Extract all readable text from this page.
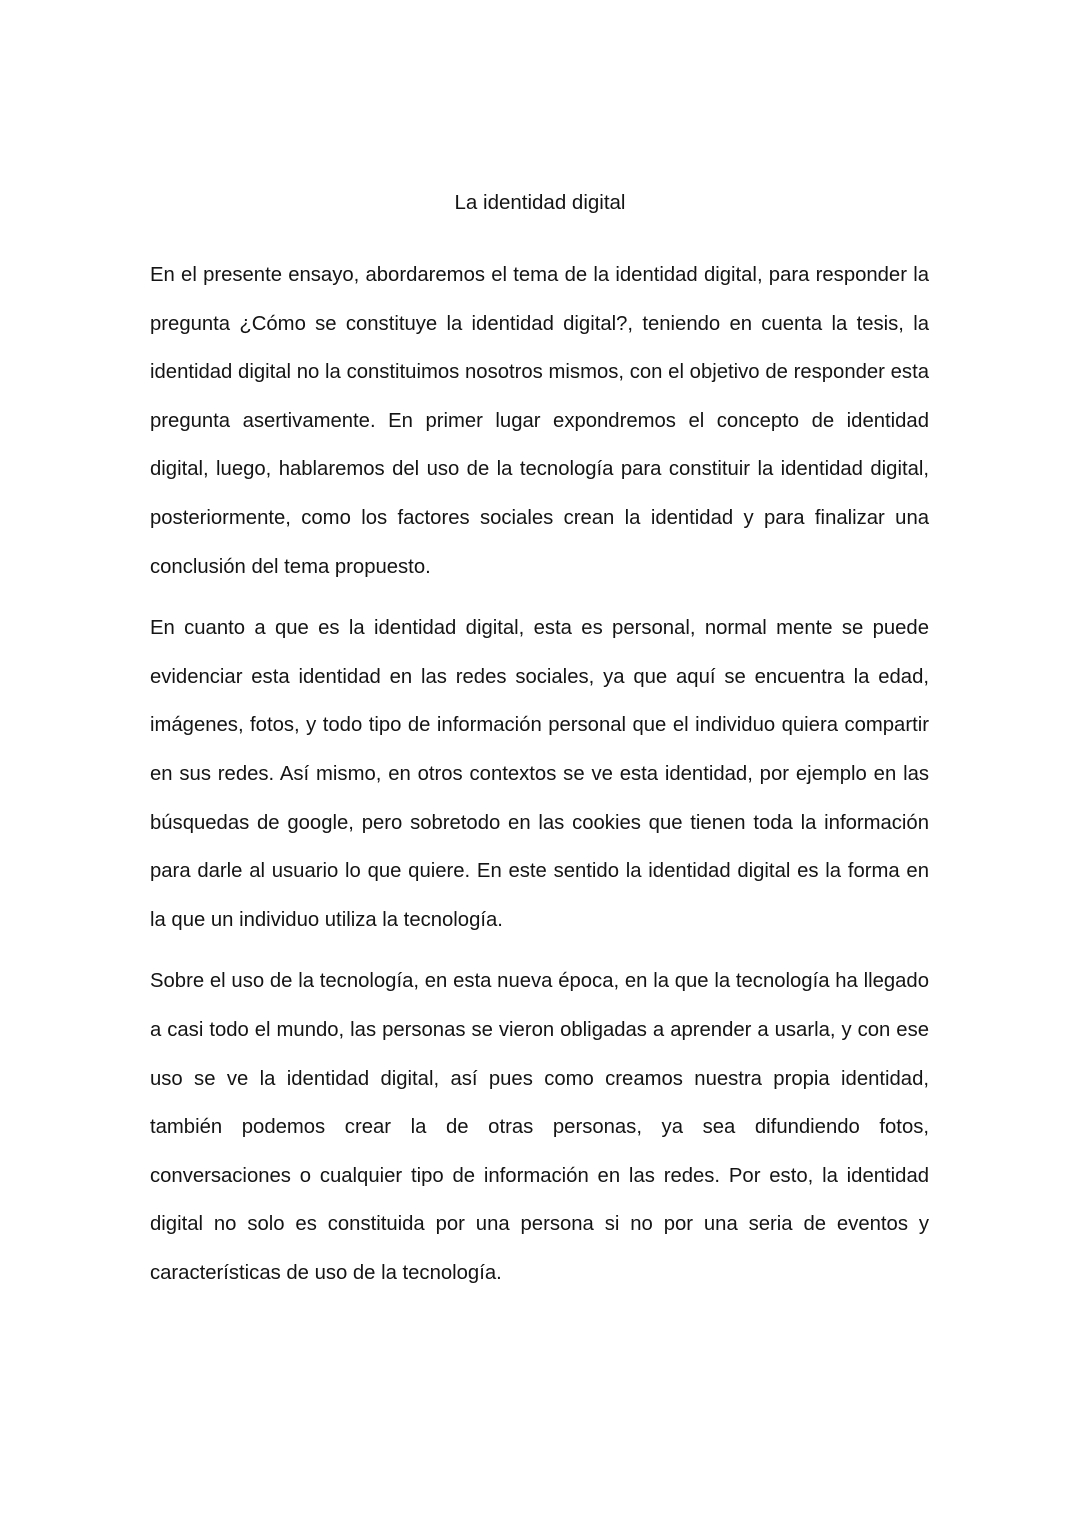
La identidad digital

En el presente ensayo, abordaremos el tema de la identidad digital, para responder la pregunta ¿Cómo se constituye la identidad digital?, teniendo en cuenta la tesis, la identidad digital no la constituimos nosotros mismos, con el objetivo de responder esta pregunta asertivamente. En primer lugar expondremos el concepto de identidad digital, luego, hablaremos del uso de la tecnología para constituir la identidad digital, posteriormente, como los factores sociales crean la identidad y para finalizar una conclusión del tema propuesto.

En cuanto a que es la identidad digital, esta es personal, normal mente se puede evidenciar esta identidad en las redes sociales, ya que aquí se encuentra la edad, imágenes, fotos, y todo tipo de información personal que el individuo quiera compartir en sus redes. Así mismo, en otros contextos se ve esta identidad, por ejemplo en las búsquedas de google, pero sobretodo en las cookies que tienen toda la información para darle al usuario lo que quiere. En este sentido la identidad digital es la forma en la que un individuo utiliza la tecnología.

Sobre el uso de la tecnología, en esta nueva época, en la que la tecnología ha llegado a casi todo el mundo, las personas se vieron obligadas a aprender a usarla, y con ese uso se ve la identidad digital, así pues como creamos nuestra propia identidad, también podemos crear la de otras personas, ya sea difundiendo fotos, conversaciones o cualquier tipo de información en las redes. Por esto, la identidad digital no solo es constituida por una persona si no por una seria de eventos y características de uso de la tecnología.
